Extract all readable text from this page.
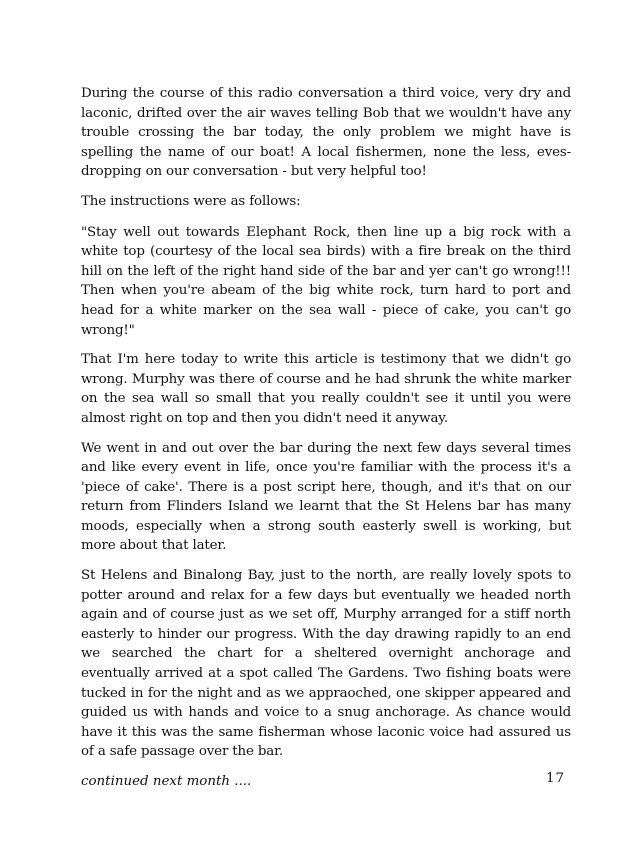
During the course of this radio conversation a third voice, very dry and laconic, drifted over the air waves telling Bob that we wouldn't have any trouble crossing the bar today, the only problem we might have is spelling the name of our boat! A local fishermen, none the less, eves-dropping on our conversation - but very helpful too!

The instructions were as follows:

"Stay well out towards Elephant Rock, then line up a big rock with a white top (courtesy of the local sea birds) with a fire break on the third hill on the left of the right hand side of the bar and yer can't go wrong!!! Then when you're abeam of the big white rock, turn hard to port and head for a white marker on the sea wall - piece of cake, you can't go wrong!"

That I'm here today to write this article is testimony that we didn't go wrong. Murphy was there of course and he had shrunk the white marker on the sea wall so small that you really couldn't see it until you were almost right on top and then you didn't need it anyway.

We went in and out over the bar during the next few days several times and like every event in life, once you're familiar with the process it's a 'piece of cake'. There is a post script here, though, and it's that on our return from Flinders Island we learnt that the St Helens bar has many moods, especially when a strong south easterly swell is working, but more about that later.

St Helens and Binalong Bay, just to the north, are really lovely spots to potter around and relax for a few days but eventually we headed north again and of course just as we set off, Murphy arranged for a stiff north easterly to hinder our progress. With the day drawing rapidly to an end we searched the chart for a sheltered overnight anchorage and eventually arrived at a spot called The Gardens. Two fishing boats were tucked in for the night and as we appraoched, one skipper appeared and guided us with hands and voice to a snug anchorage. As chance would have it this was the same fisherman whose laconic voice had assured us of a safe passage over the bar.

continued next month ....	17
